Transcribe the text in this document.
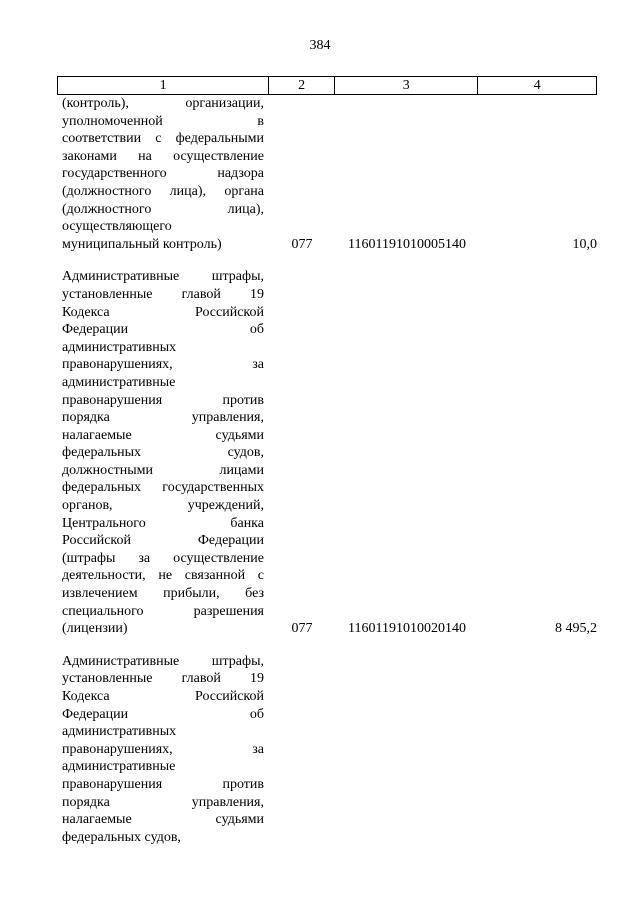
384
1	2	3	4
(контроль), организации,
уполномоченной в
соответствии с федеральными
законами на осуществление
государственного надзора
(должностного лица), органа
(должностного лица),
осуществляющего
муниципальный контроль)	077	11601191010005140	10,0
Административные штрафы,
установленные главой 19
Кодекса Российской
Федерации об
административных
правонарушениях, за
административные
правонарушения против
порядка управления,
налагаемые судьями
федеральных судов,
должностными лицами
федеральных государственных
органов, учреждений,
Центрального банка
Российской Федерации
(штрафы за осуществление
деятельности, не связанной с
извлечением прибыли, без
специального разрешения
(лицензии)	077	11601191010020140	8 495,2
Административные штрафы,
установленные главой 19
Кодекса Российской
Федерации об
административных
правонарушениях, за
административные
правонарушения против
порядка управления,
налагаемые судьями
федеральных судов,
